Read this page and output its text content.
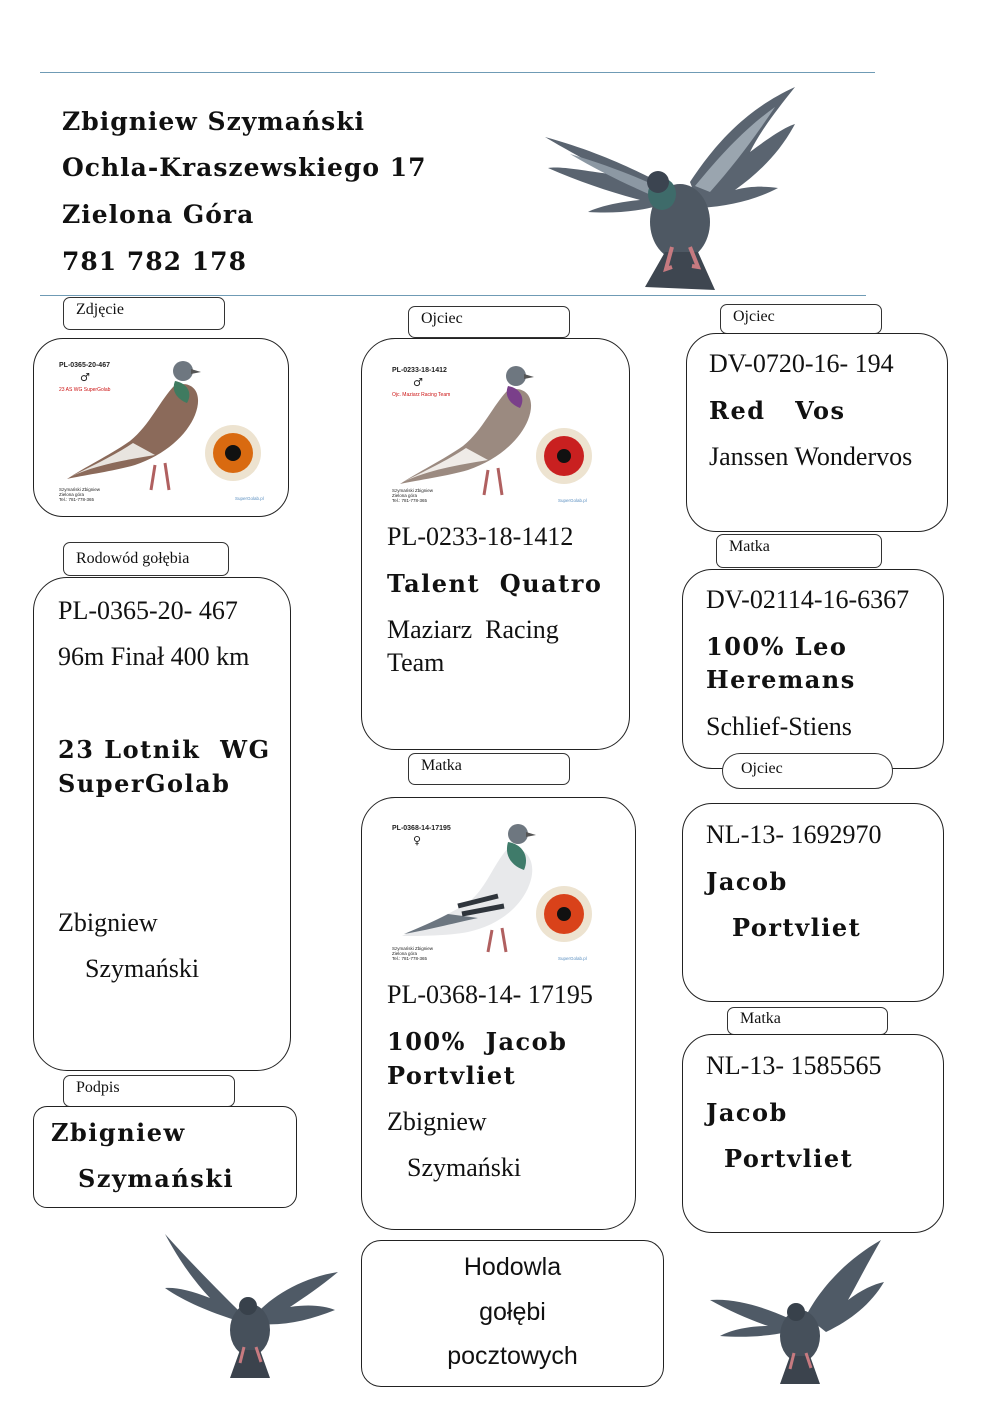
Zbigniew Szymański
Ochla-Kraszewskiego 17
Zielona Góra
781 782 178
Zdjęcie
PL-0365-20-467
♂
23 AS WG SuperGolab
Szymański Zbigniew
Zielona góra
Tel.: 781-778-365	SuperGolab.pl
Rodowód gołębia
PL-0365-20- 467
96m Finał 400 km
23 Lotnik  WG
SuperGolab
Zbigniew
Szymański
Podpis
Zbigniew
Szymański
Ojciec
PL-0233-18-1412
♂
Ojc. Maziarz Racing Team
Szymański Zbigniew
Zielona góra
Tel.: 781-778-365	SuperGolab.pl
PL-0233-18-1412
Talent  Quatro
Maziarz  Racing
Team
Matka
PL-0368-14-17195
♀
Szymański Zbigniew
Zielona góra
Tel.: 781-778-365	SuperGolab.pl
PL-0368-14- 17195
100%  Jacob
Portvliet
Zbigniew
Szymański
Hodowla
gołębi
pocztowych
Ojciec
DV-0720-16- 194
Red   Vos
Janssen Wondervos
Matka
DV-02114-16-6367
100% Leo
Heremans
Schlief-Stiens
Ojciec
NL-13- 1692970
Jacob
Portvliet
Matka
NL-13- 1585565
Jacob
Portvliet
